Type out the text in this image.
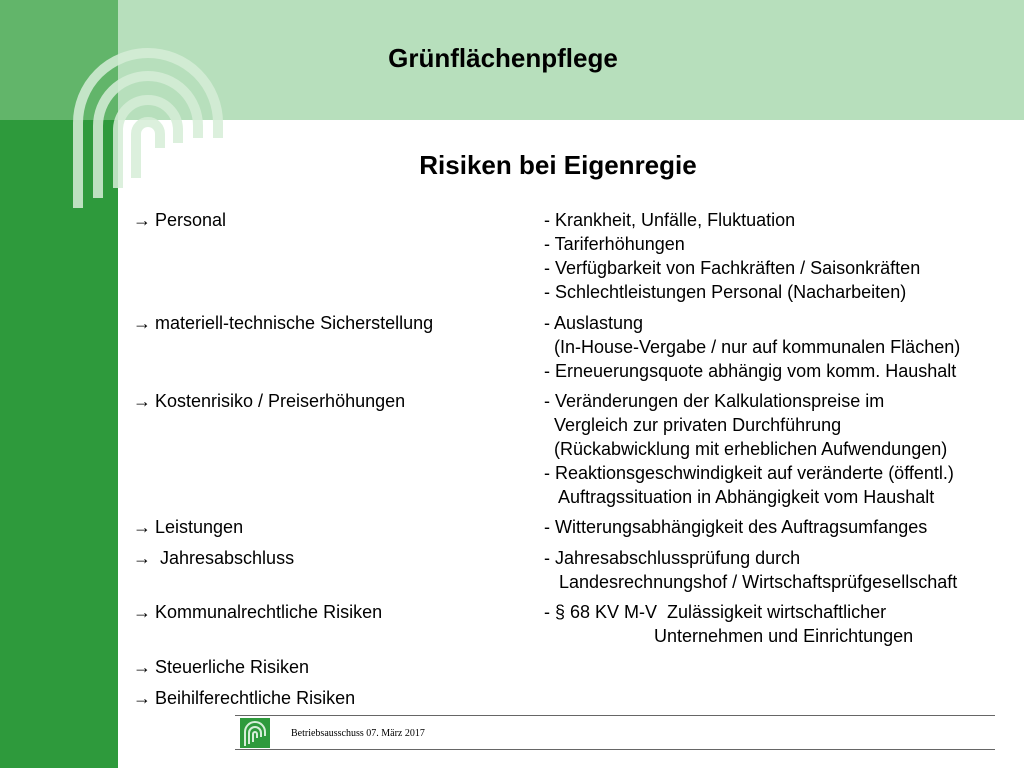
Grünflächenpflege
Risiken bei Eigenregie
→ Personal	- Krankheit, Unfälle, Fluktuation
- Tariferhöhungen
- Verfügbarkeit von Fachkräften / Saisonkräften
- Schlechtleistungen Personal (Nacharbeiten)
→ materiell-technische Sicherstellung	- Auslastung
(In-House-Vergabe / nur auf kommunalen Flächen)
- Erneuerungsquote abhängig vom komm. Haushalt
→ Kostenrisiko / Preiserhöhungen	- Veränderungen der Kalkulationspreise im
Vergleich zur privaten Durchführung
(Rückabwicklung mit erheblichen Aufwendungen)
- Reaktionsgeschwindigkeit auf veränderte (öffentl.)
Auftragssituation in Abhängigkeit vom Haushalt
→ Leistungen	- Witterungsabhängigkeit des Auftragsumfanges
→ Jahresabschluss	- Jahresabschlussprüfung durch
Landesrechnungshof / Wirtschaftsprüfgesellschaft
→ Kommunalrechtliche Risiken	- § 68 KV M-V  Zulässigkeit wirtschaftlicher
Unternehmen und Einrichtungen
→ Steuerliche Risiken
→ Beihilferechtliche Risiken
Betriebsausschuss 07. März 2017
